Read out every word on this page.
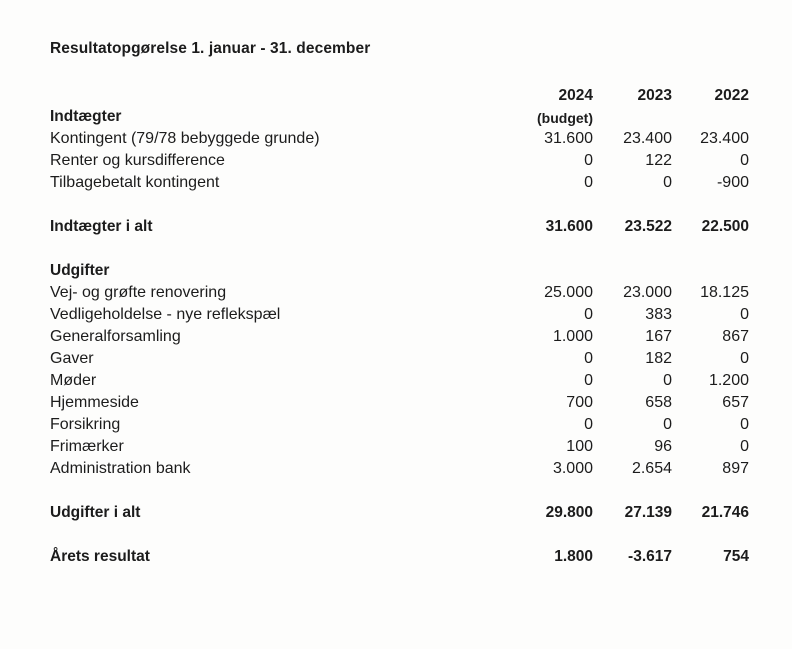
Resultatopgørelse 1. januar - 31. december
2024	2023	2022
Indtægter	(budget)
Kontingent (79/78 bebyggede grunde)	31.600	23.400	23.400
Renter og kursdifference	0	122	0
Tilbagebetalt kontingent	0	0	-900
Indtægter i alt	31.600	23.522	22.500
Udgifter
Vej- og grøfte renovering	25.000	23.000	18.125
Vedligeholdelse - nye reflekspæl	0	383	0
Generalforsamling	1.000	167	867
Gaver	0	182	0
Møder	0	0	1.200
Hjemmeside	700	658	657
Forsikring	0	0	0
Frimærker	100	96	0
Administration bank	3.000	2.654	897
Udgifter i alt	29.800	27.139	21.746
Årets resultat	1.800	-3.617	754
